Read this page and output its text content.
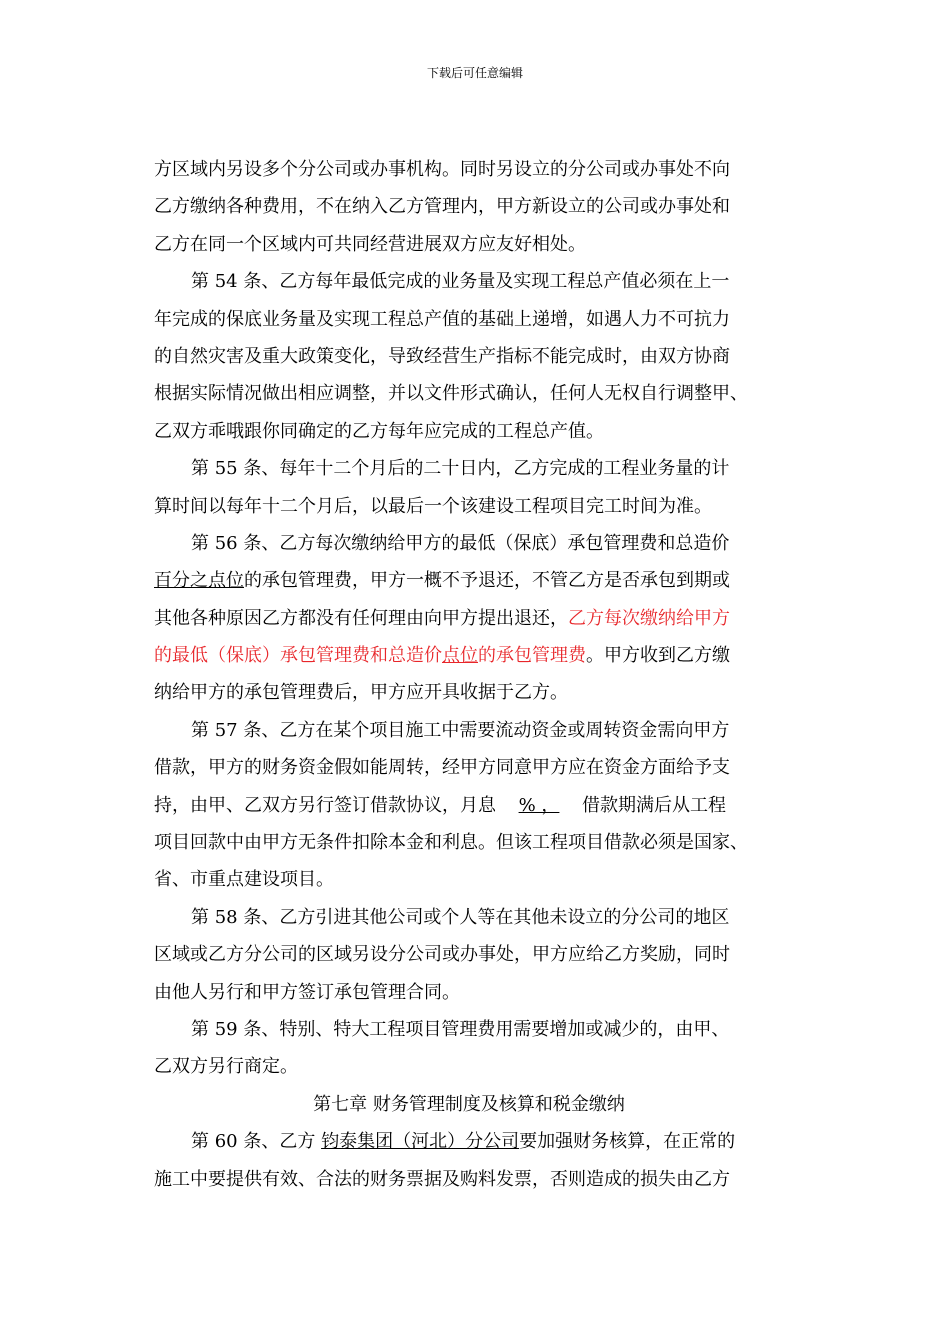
下载后可任意编辑
方区域内另设多个分公司或办事机构。同时另设立的分公司或办事处不向
乙方缴纳各种费用，不在纳入乙方管理内，甲方新设立的公司或办事处和
乙方在同一个区域内可共同经营进展双方应友好相处。
第 54 条、乙方每年最低完成的业务量及实现工程总产值必须在上一
年完成的保底业务量及实现工程总产值的基础上递增，如遇人力不可抗力
的自然灾害及重大政策变化，导致经营生产指标不能完成时，由双方协商
根据实际情况做出相应调整，并以文件形式确认，任何人无权自行调整甲、
乙双方乖哦跟你同确定的乙方每年应完成的工程总产值。
第 55 条、每年十二个月后的二十日内，乙方完成的工程业务量的计
算时间以每年十二个月后，以最后一个该建设工程项目完工时间为准。
第 56 条、乙方每次缴纳给甲方的最低（保底）承包管理费和总造价
百分之点位的承包管理费，甲方一概不予退还，不管乙方是否承包到期或
其他各种原因乙方都没有任何理由向甲方提出退还，乙方每次缴纳给甲方
的最低（保底）承包管理费和总造价点位的承包管理费。甲方收到乙方缴
纳给甲方的承包管理费后，甲方应开具收据于乙方。
第 57 条、乙方在某个项目施工中需要流动资金或周转资金需向甲方
借款，甲方的财务资金假如能周转，经甲方同意甲方应在资金方面给予支
持，由甲、乙双方另行签订借款协议，月息 % ， 借款期满后从工程
项目回款中由甲方无条件扣除本金和利息。但该工程项目借款必须是国家、
省、市重点建设项目。
第 58 条、乙方引进其他公司或个人等在其他未设立的分公司的地区
区域或乙方分公司的区域另设分公司或办事处，甲方应给乙方奖励，同时
由他人另行和甲方签订承包管理合同。
第 59 条、特别、特大工程项目管理费用需要增加或减少的，由甲、
乙双方另行商定。
第七章 财务管理制度及核算和税金缴纳
第 60 条、乙方 钧泰集团（河北）分公司要加强财务核算，在正常的
施工中要提供有效、合法的财务票据及购料发票，否则造成的损失由乙方
